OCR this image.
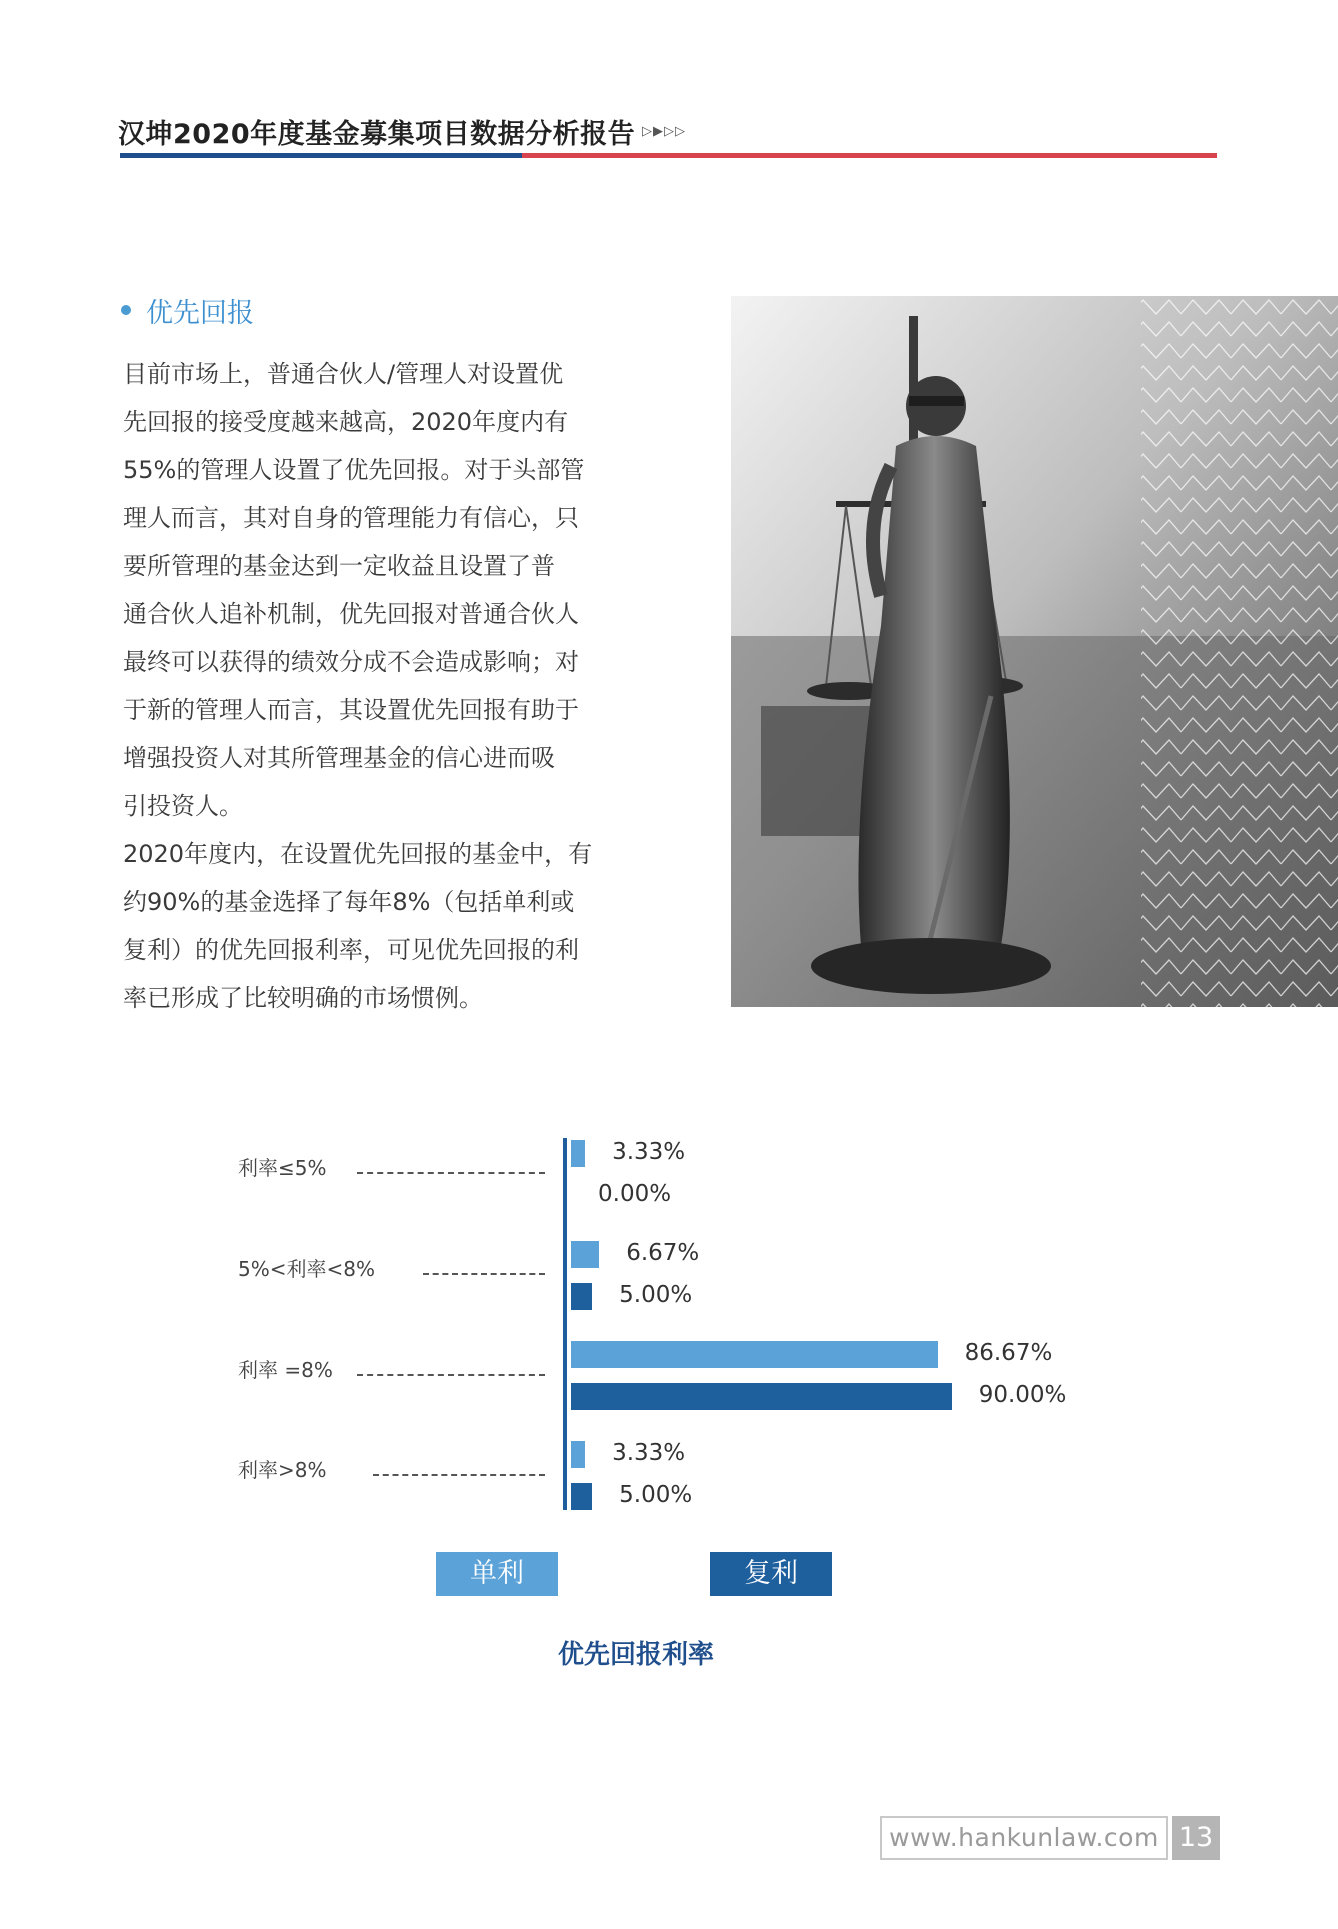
汉坤2020年度基金募集项目数据分析报告 ▷▶▷▷
优先回报

目前市场上，普通合伙人/管理人对设置优

先回报的接受度越来越高，2020年度内有

55%的管理人设置了优先回报。对于头部管

理人而言，其对自身的管理能力有信心，只

要所管理的基金达到一定收益且设置了普

通合伙人追补机制，优先回报对普通合伙人

最终可以获得的绩效分成不会造成影响；对

于新的管理人而言，其设置优先回报有助于

增强投资人对其所管理基金的信心进而吸

引投资人。

2020年度内，在设置优先回报的基金中，有

约90%的基金选择了每年8%（包括单利或

复利）的优先回报利率，可见优先回报的利

率已形成了比较明确的市场惯例。

利率≤5%
5%<利率<8%
利率 =8%
利率>8%
3.33%
6.67%
86.67%
3.33%
0.00%
5.00%
90.00%
5.00%
单利	复利
优先回报利率
www.hankunlaw.com 13
